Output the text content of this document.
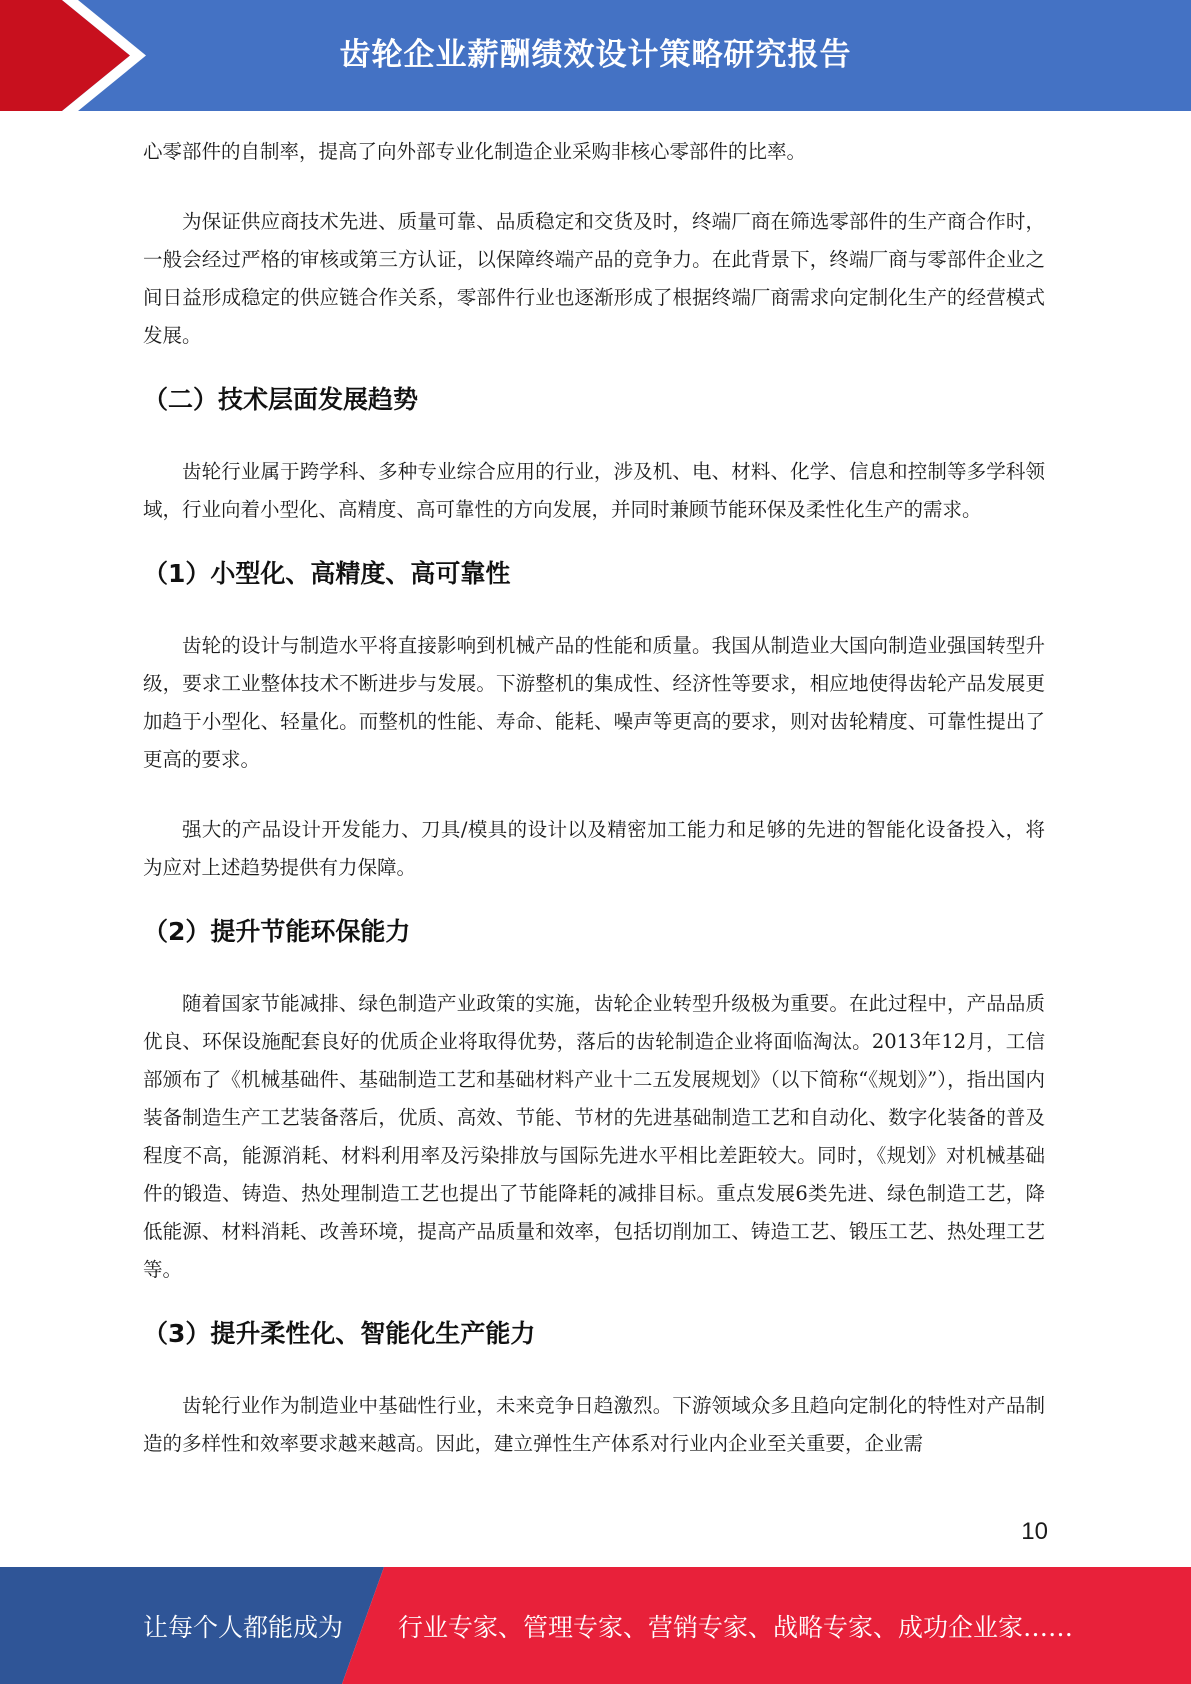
齿轮企业薪酬绩效设计策略研究报告

心零部件的自制率，提高了向外部专业化制造企业采购非核心零部件的比率。

为保证供应商技术先进、质量可靠、品质稳定和交货及时，终端厂商在筛选零部件的生产商合作时，一般会经过严格的审核或第三方认证，以保障终端产品的竞争力。在此背景下，终端厂商与零部件企业之间日益形成稳定的供应链合作关系，零部件行业也逐渐形成了根据终端厂商需求向定制化生产的经营模式发展。

（二）技术层面发展趋势

齿轮行业属于跨学科、多种专业综合应用的行业，涉及机、电、材料、化学、信息和控制等多学科领域，行业向着小型化、高精度、高可靠性的方向发展，并同时兼顾节能环保及柔性化生产的需求。

（1）小型化、高精度、高可靠性

齿轮的设计与制造水平将直接影响到机械产品的性能和质量。我国从制造业大国向制造业强国转型升级，要求工业整体技术不断进步与发展。下游整机的集成性、经济性等要求，相应地使得齿轮产品发展更加趋于小型化、轻量化。而整机的性能、寿命、能耗、噪声等更高的要求，则对齿轮精度、可靠性提出了更高的要求。

强大的产品设计开发能力、刀具/模具的设计以及精密加工能力和足够的先进的智能化设备投入，将为应对上述趋势提供有力保障。

（2）提升节能环保能力

随着国家节能减排、绿色制造产业政策的实施，齿轮企业转型升级极为重要。在此过程中，产品品质优良、环保设施配套良好的优质企业将取得优势，落后的齿轮制造企业将面临淘汰。2013年12月，工信部颁布了《机械基础件、基础制造工艺和基础材料产业十二五发展规划》（以下简称“《规划》”），指出国内装备制造生产工艺装备落后，优质、高效、节能、节材的先进基础制造工艺和自动化、数字化装备的普及程度不高，能源消耗、材料利用率及污染排放与国际先进水平相比差距较大。同时，《规划》对机械基础件的锻造、铸造、热处理制造工艺也提出了节能降耗的减排目标。重点发展6类先进、绿色制造工艺，降低能源、材料消耗、改善环境，提高产品质量和效率，包括切削加工、铸造工艺、锻压工艺、热处理工艺等。

（3）提升柔性化、智能化生产能力

齿轮行业作为制造业中基础性行业，未来竞争日趋激烈。下游领域众多且趋向定制化的特性对产品制造的多样性和效率要求越来越高。因此，建立弹性生产体系对行业内企业至关重要，企业需

10
让每个人都能成为 行业专家、管理专家、营销专家、战略专家、成功企业家……
